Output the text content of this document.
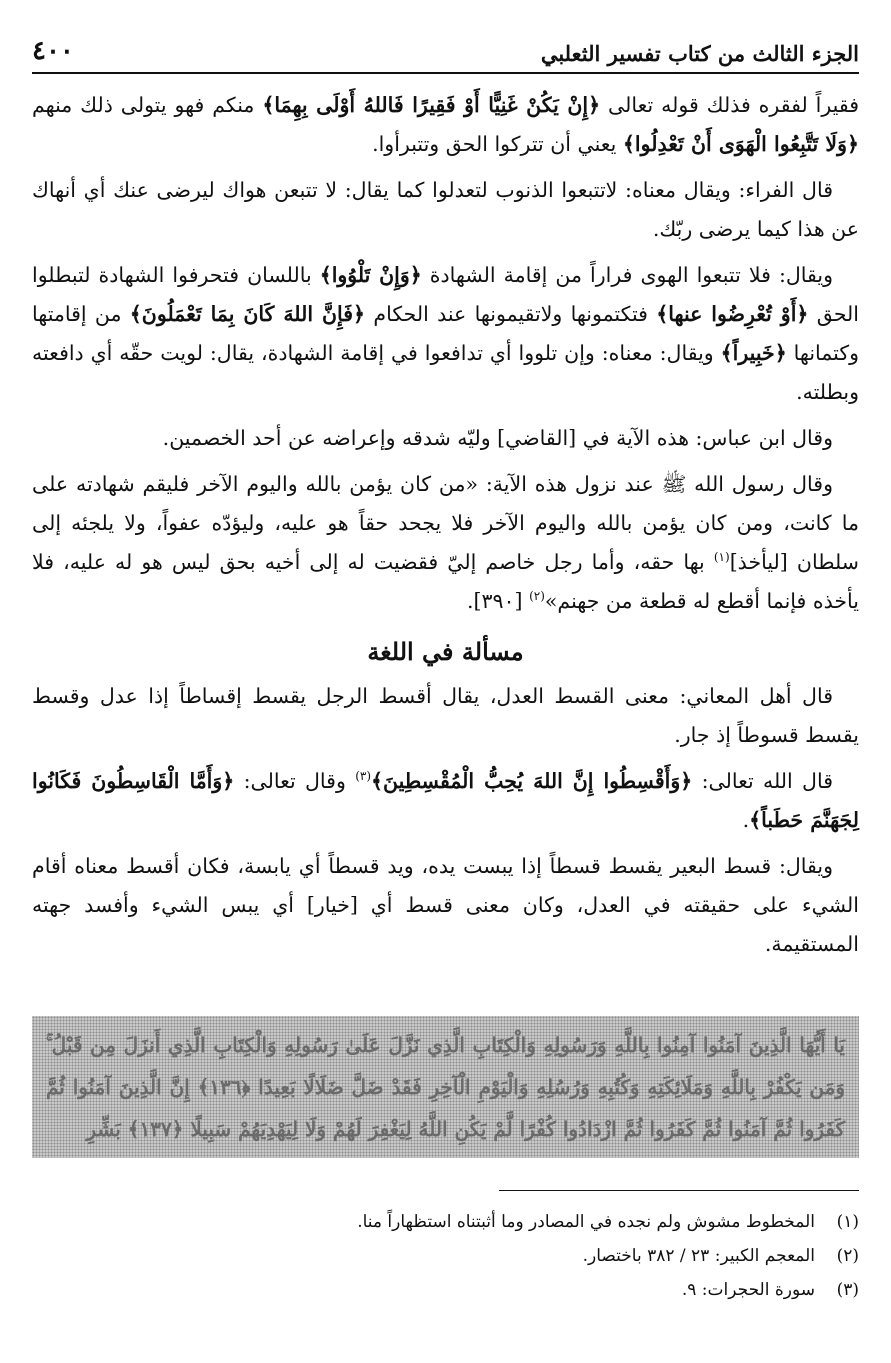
الجزء الثالث من كتاب تفسير الثعلبي
٤٠٠

فقيراً لفقره فذلك قوله تعالى ﴿إِنْ يَكُنْ غَنِيًّا أَوْ فَقِيرًا فَاللهُ أَوْلَى بِهِمَا﴾ منكم فهو يتولى ذلك منهم ﴿وَلَا تَتَّبِعُوا الْهَوَى أَنْ تَعْدِلُوا﴾ يعني أن تتركوا الحق وتتبرأوا.

قال الفراء: ويقال معناه: لاتتبعوا الذنوب لتعدلوا كما يقال: لا تتبعن هواك ليرضى عنك أي أنهاك عن هذا كيما يرضى ربّك.

ويقال: فلا تتبعوا الهوى فراراً من إقامة الشهادة ﴿وَإِنْ تَلْوُوا﴾ باللسان فتحرفوا الشهادة لتبطلوا الحق ﴿أَوْ تُعْرِضُوا عنها﴾ فتكتمونها ولاتقيمونها عند الحكام ﴿فَإِنَّ اللهَ كَانَ بِمَا تَعْمَلُونَ﴾ من إقامتها وكتمانها ﴿خَبِيراً﴾ ويقال: معناه: وإن تلووا أي تدافعوا في إقامة الشهادة، يقال: لويت حقّه أي دافعته وبطلته.

وقال ابن عباس: هذه الآية في [القاضي] وليّه شدقه وإعراضه عن أحد الخصمين.

وقال رسول الله ﷺ عند نزول هذه الآية: «من كان يؤمن بالله واليوم الآخر فليقم شهادته على ما كانت، ومن كان يؤمن بالله واليوم الآخر فلا يجحد حقاً هو عليه، وليؤدّه عفواً، ولا يلجئه إلى سلطان [ليأخذ]$^{(١)}$ بها حقه، وأما رجل خاصم إليّ فقضيت له إلى أخيه بحق ليس هو له عليه، فلا يأخذه فإنما أقطع له قطعة من جهنم»$^{(٢)}$ [٣٩٠].

مسألة في اللغة

قال أهل المعاني: معنى القسط العدل، يقال أقسط الرجل يقسط إقساطاً إذا عدل وقسط يقسط قسوطاً إذ جار.

قال الله تعالى: ﴿وَأَقْسِطُوا إِنَّ اللهَ يُحِبُّ الْمُقْسِطِينَ﴾$^{(٣)}$ وقال تعالى: ﴿وَأَمَّا الْقَاسِطُونَ فَكَانُوا لِجَهَنَّمَ حَطَباً﴾.

ويقال: قسط البعير يقسط قسطاً إذا يبست يده، ويد قسطاً أي يابسة، فكان أقسط معناه أقام الشيء على حقيقته في العدل، وكان معنى قسط أي [خيار] أي يبس الشيء وأفسد جهته المستقيمة.

يَا أَيُّهَا الَّذِينَ آمَنُوا آمِنُوا بِاللَّهِ وَرَسُولِهِ وَالْكِتَابِ الَّذِي نَزَّلَ عَلَىٰ رَسُولِهِ وَالْكِتَابِ الَّذِي أَنزَلَ مِن قَبْلُ ۚ وَمَن يَكْفُرْ بِاللَّهِ وَمَلَائِكَتِهِ وَكُتُبِهِ وَرُسُلِهِ وَالْيَوْمِ الْآخِرِ فَقَدْ ضَلَّ ضَلَالًا بَعِيدًا ﴿١٣٦﴾ إِنَّ الَّذِينَ آمَنُوا ثُمَّ كَفَرُوا ثُمَّ آمَنُوا ثُمَّ كَفَرُوا ثُمَّ ازْدَادُوا كُفْرًا لَّمْ يَكُنِ اللَّهُ لِيَغْفِرَ لَهُمْ وَلَا لِيَهْدِيَهُمْ سَبِيلًا ﴿١٣٧﴾ بَشِّرِ

(١)
المخطوط مشوش ولم نجده في المصادر وما أثبتناه استظهاراً منا.
(٢)
المعجم الكبير: ٢٣ / ٣٨٢ باختصار.
(٣)
سورة الحجرات: ٩.
